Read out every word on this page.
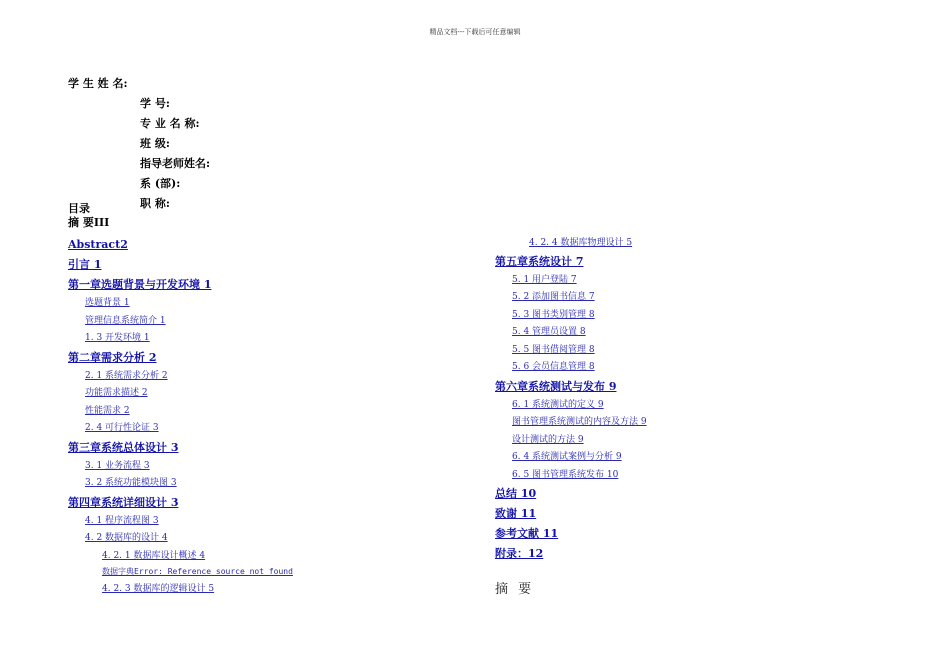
精品文档---下载后可任意编辑
学 生 姓 名:
学 号:
专 业 名 称:
班 级:
指导老师姓名:
系 (部):
职 称:
目录
摘 要III
Abstract2
引言 1
第一章选题背景与开发环境 1
选题背景 1
管理信息系统简介 1
1. 3 开发环境 1
第二章需求分析 2
2. 1 系统需求分析 2
功能需求描述 2
性能需求 2
2. 4 可行性论证 3
第三章系统总体设计 3
3. 1 业务流程 3
3. 2 系统功能模块图 3
第四章系统详细设计 3
4. 1 程序流程图 3
4. 2 数据库的设计 4
4. 2. 1 数据库设计概述 4
数据字典Error: Reference source not found
4. 2. 3 数据库的逻辑设计 5
4. 2. 4 数据库物理设计 5
第五章系统设计 7
5. 1 用户登陆 7
5. 2 添加图书信息 7
5. 3 图书类别管理 8
5. 4 管理员设置 8
5. 5 图书借阅管理 8
5. 6 会员信息管理 8
第六章系统测试与发布 9
6. 1 系统测试的定义 9
图书管理系统测试的内容及方法 9
设计测试的方法 9
6. 4 系统测试案例与分析 9
6. 5 图书管理系统发布 10
总结 10
致谢 11
参考文献 11
附录：12
摘 要
